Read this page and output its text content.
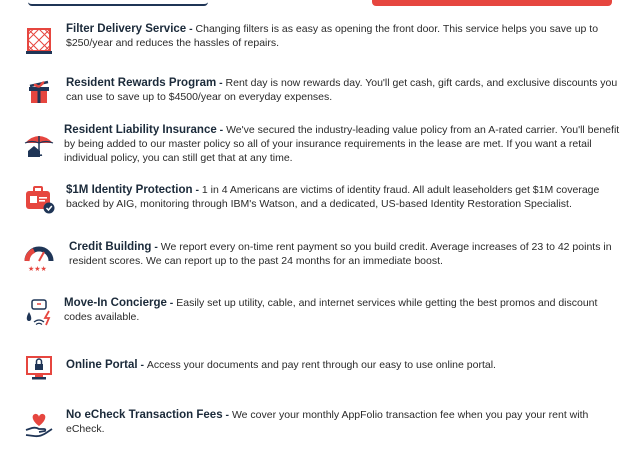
Filter Delivery Service - Changing filters is as easy as opening the front door. This service helps you save up to $250/year and reduces the hassles of repairs.
Resident Rewards Program - Rent day is now rewards day. You'll get cash, gift cards, and exclusive discounts you can use to save up to $4500/year on everyday expenses.
Resident Liability Insurance - We've secured the industry-leading value policy from an A-rated carrier. You'll benefit by being added to our master policy so all of your insurance requirements in the lease are met. If you want a retail individual policy, you can still get that at any time.
$1M Identity Protection - 1 in 4 Americans are victims of identity fraud. All adult leaseholders get $1M coverage backed by AIG, monitoring through IBM's Watson, and a dedicated, US-based Identity Restoration Specialist.
★★★
Credit Building - We report every on-time rent payment so you build credit. Average increases of 23 to 42 points in resident scores. We can report up to the past 24 months for an immediate boost.
Move-In Concierge - Easily set up utility, cable, and internet services while getting the best promos and discount codes available.
Online Portal - Access your documents and pay rent through our easy to use online portal.
No eCheck Transaction Fees - We cover your monthly AppFolio transaction fee when you pay your rent with eCheck.
